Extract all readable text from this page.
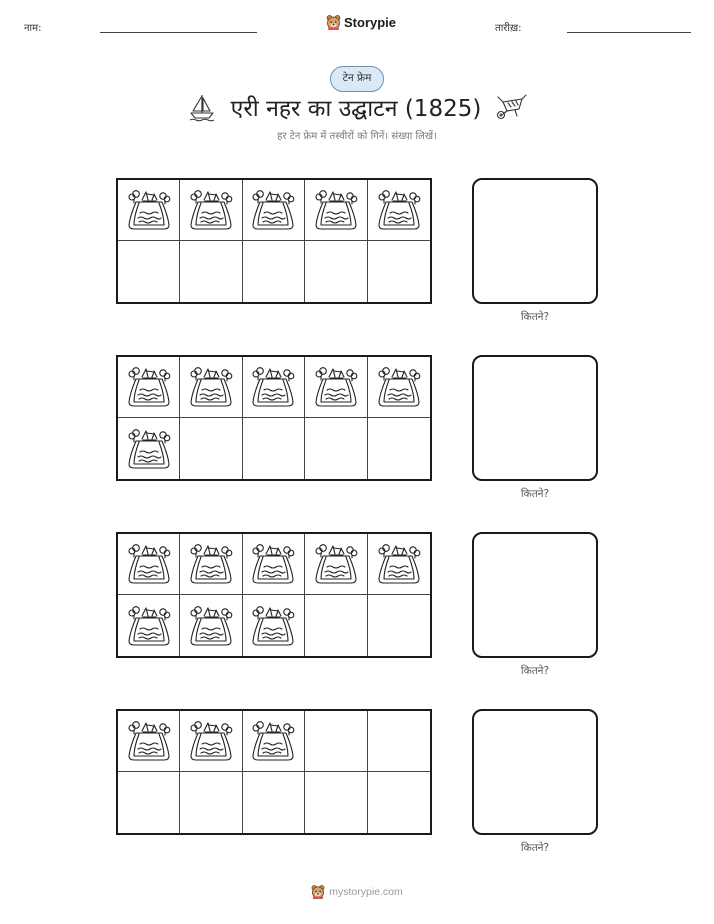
नाम:	Storypie	तारीख़:
टेन फ्रेम
एरी नहर का उद्घाटन (1825)
हर टेन फ्रेम में तस्वीरों को गिनें। संख्या लिखें।
कितने?
कितने?
कितने?
कितने?
mystorypie.com
